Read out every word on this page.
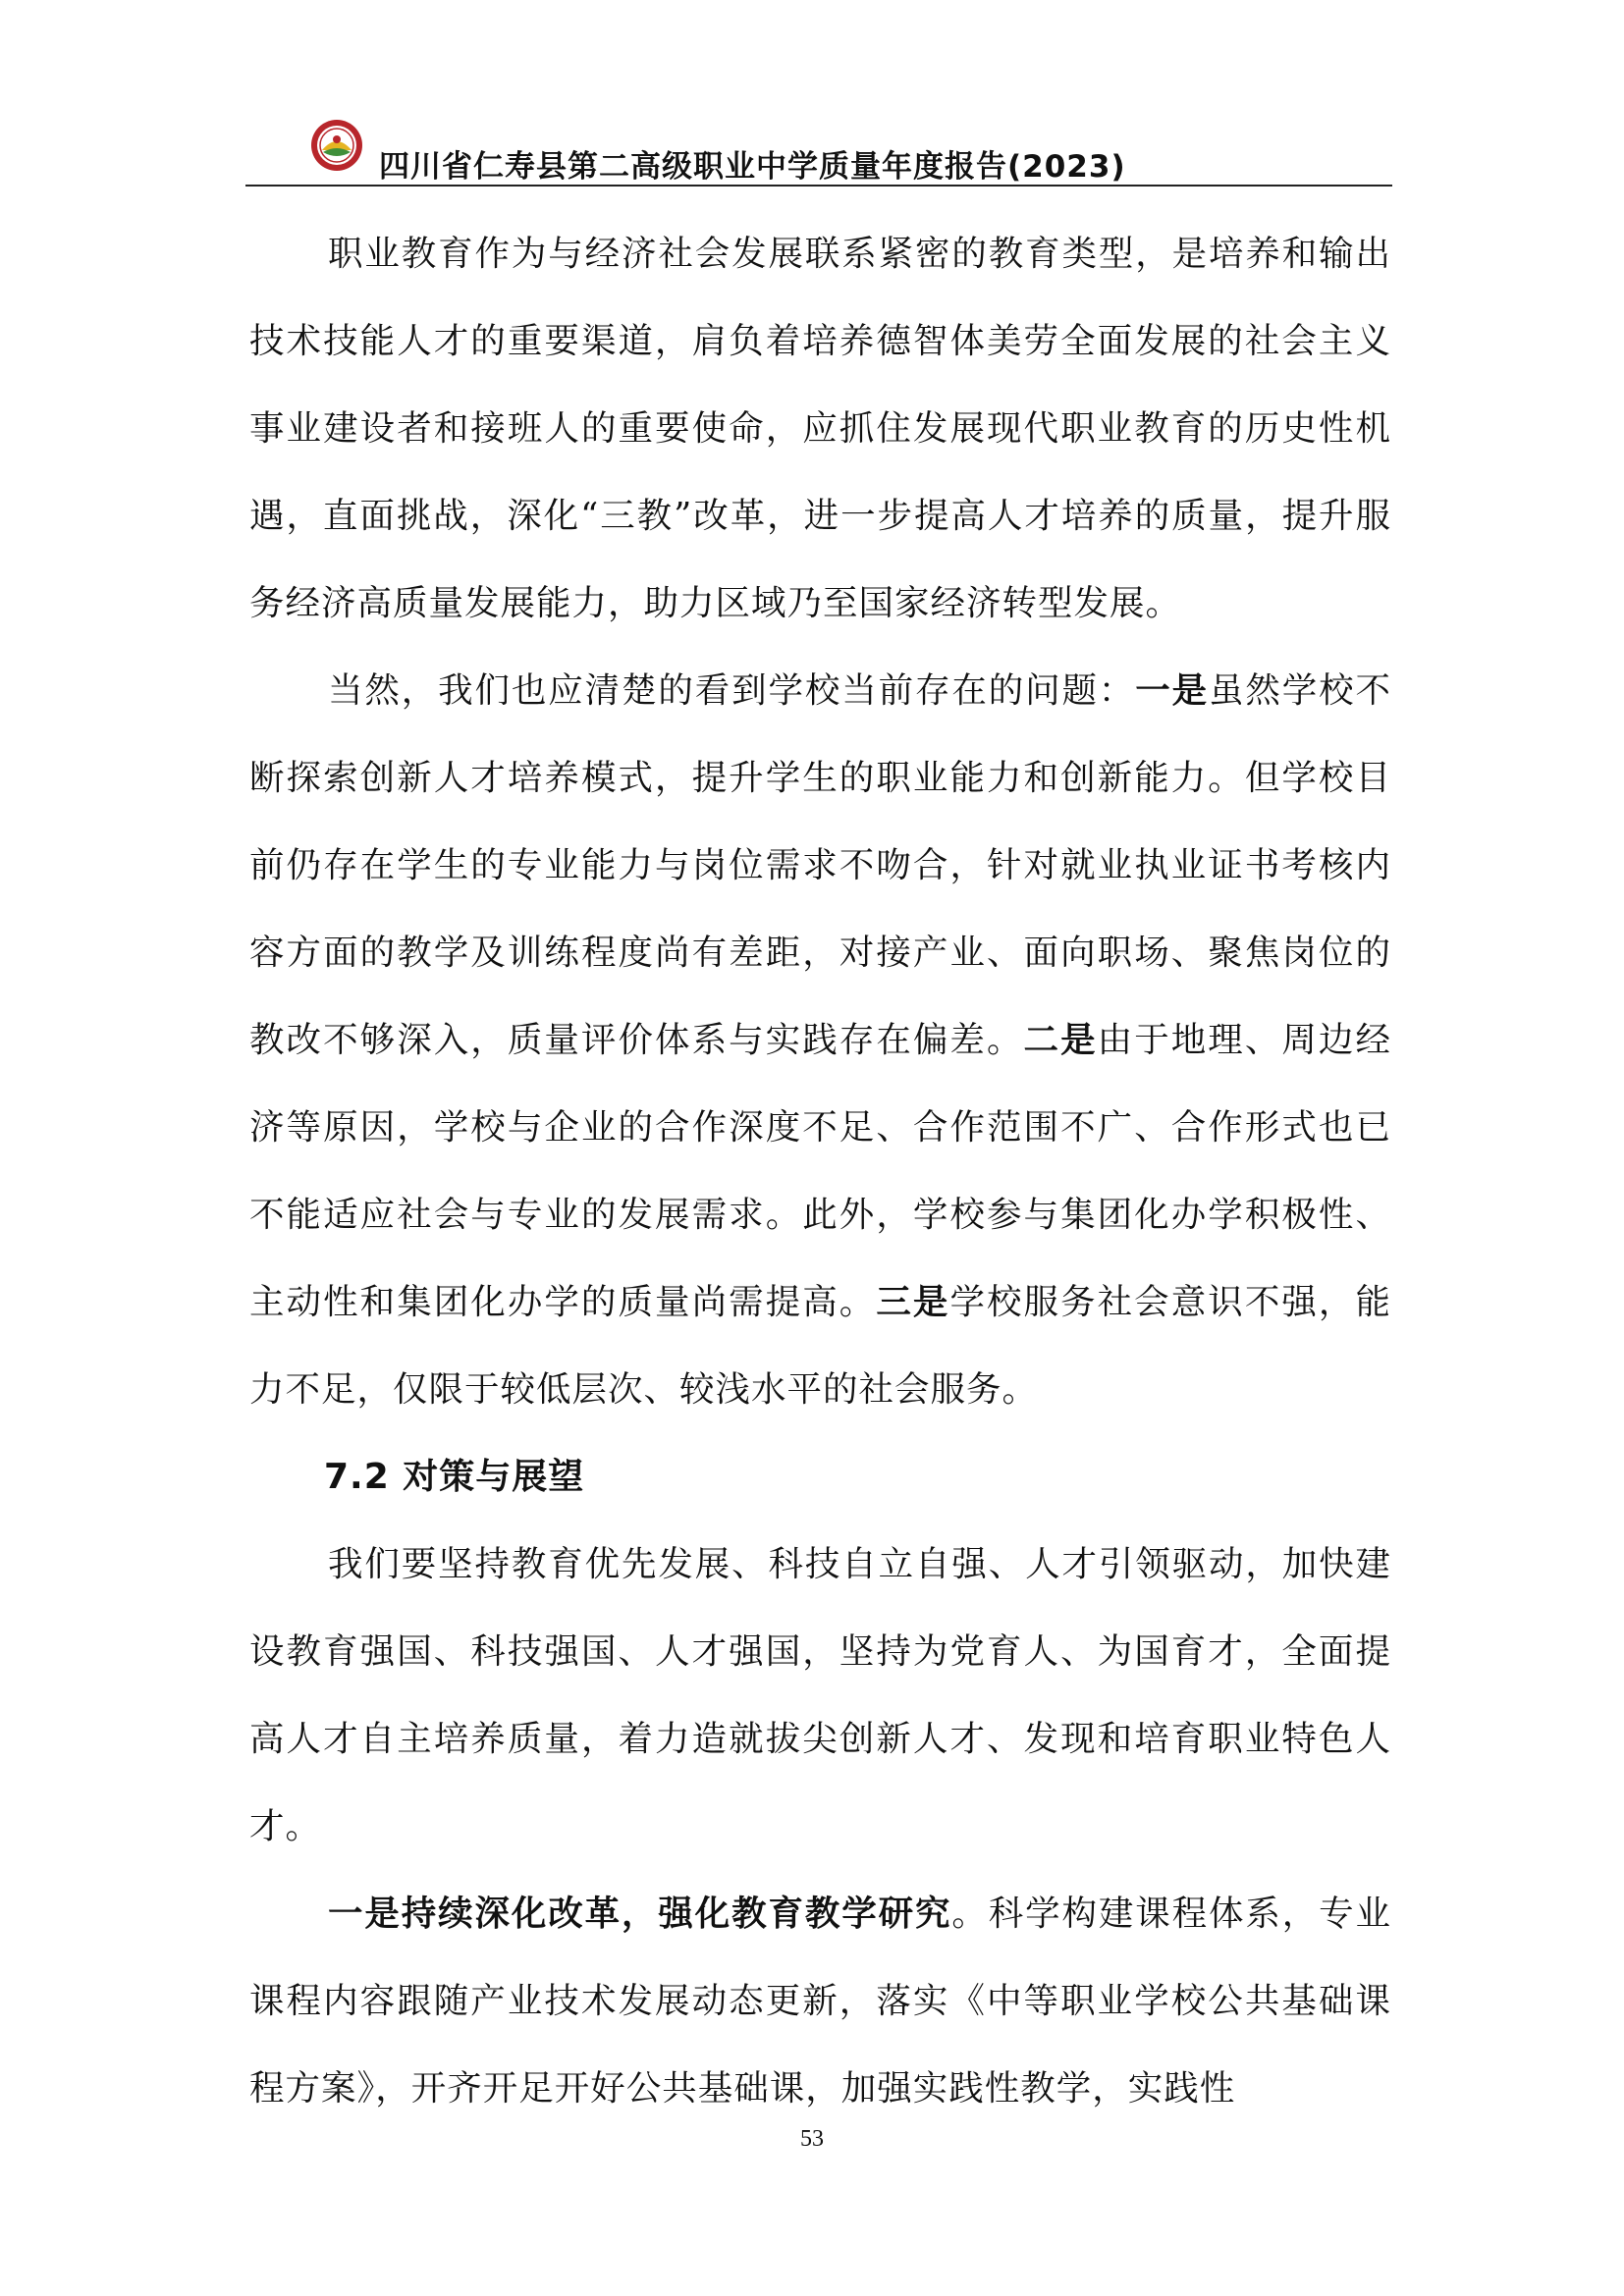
四川省仁寿县第二高级职业中学质量年度报告(2023)

职业教育作为与经济社会发展联系紧密的教育类型，是培养和输出技术技能人才的重要渠道，肩负着培养德智体美劳全面发展的社会主义事业建设者和接班人的重要使命，应抓住发展现代职业教育的历史性机遇，直面挑战，深化“三教”改革，进一步提高人才培养的质量，提升服务经济高质量发展能力，助力区域乃至国家经济转型发展。

当然，我们也应清楚的看到学校当前存在的问题：一是虽然学校不断探索创新人才培养模式，提升学生的职业能力和创新能力。但学校目前仍存在学生的专业能力与岗位需求不吻合，针对就业执业证书考核内容方面的教学及训练程度尚有差距，对接产业、面向职场、聚焦岗位的教改不够深入，质量评价体系与实践存在偏差。二是由于地理、周边经济等原因，学校与企业的合作深度不足、合作范围不广、合作形式也已不能适应社会与专业的发展需求。此外，学校参与集团化办学积极性、主动性和集团化办学的质量尚需提高。三是学校服务社会意识不强，能力不足，仅限于较低层次、较浅水平的社会服务。

7.2 对策与展望

我们要坚持教育优先发展、科技自立自强、人才引领驱动，加快建设教育强国、科技强国、人才强国，坚持为党育人、为国育才，全面提高人才自主培养质量，着力造就拔尖创新人才、发现和培育职业特色人才。

一是持续深化改革，强化教育教学研究。科学构建课程体系，专业课程内容跟随产业技术发展动态更新，落实《中等职业学校公共基础课程方案》，开齐开足开好公共基础课，加强实践性教学，实践性

53
